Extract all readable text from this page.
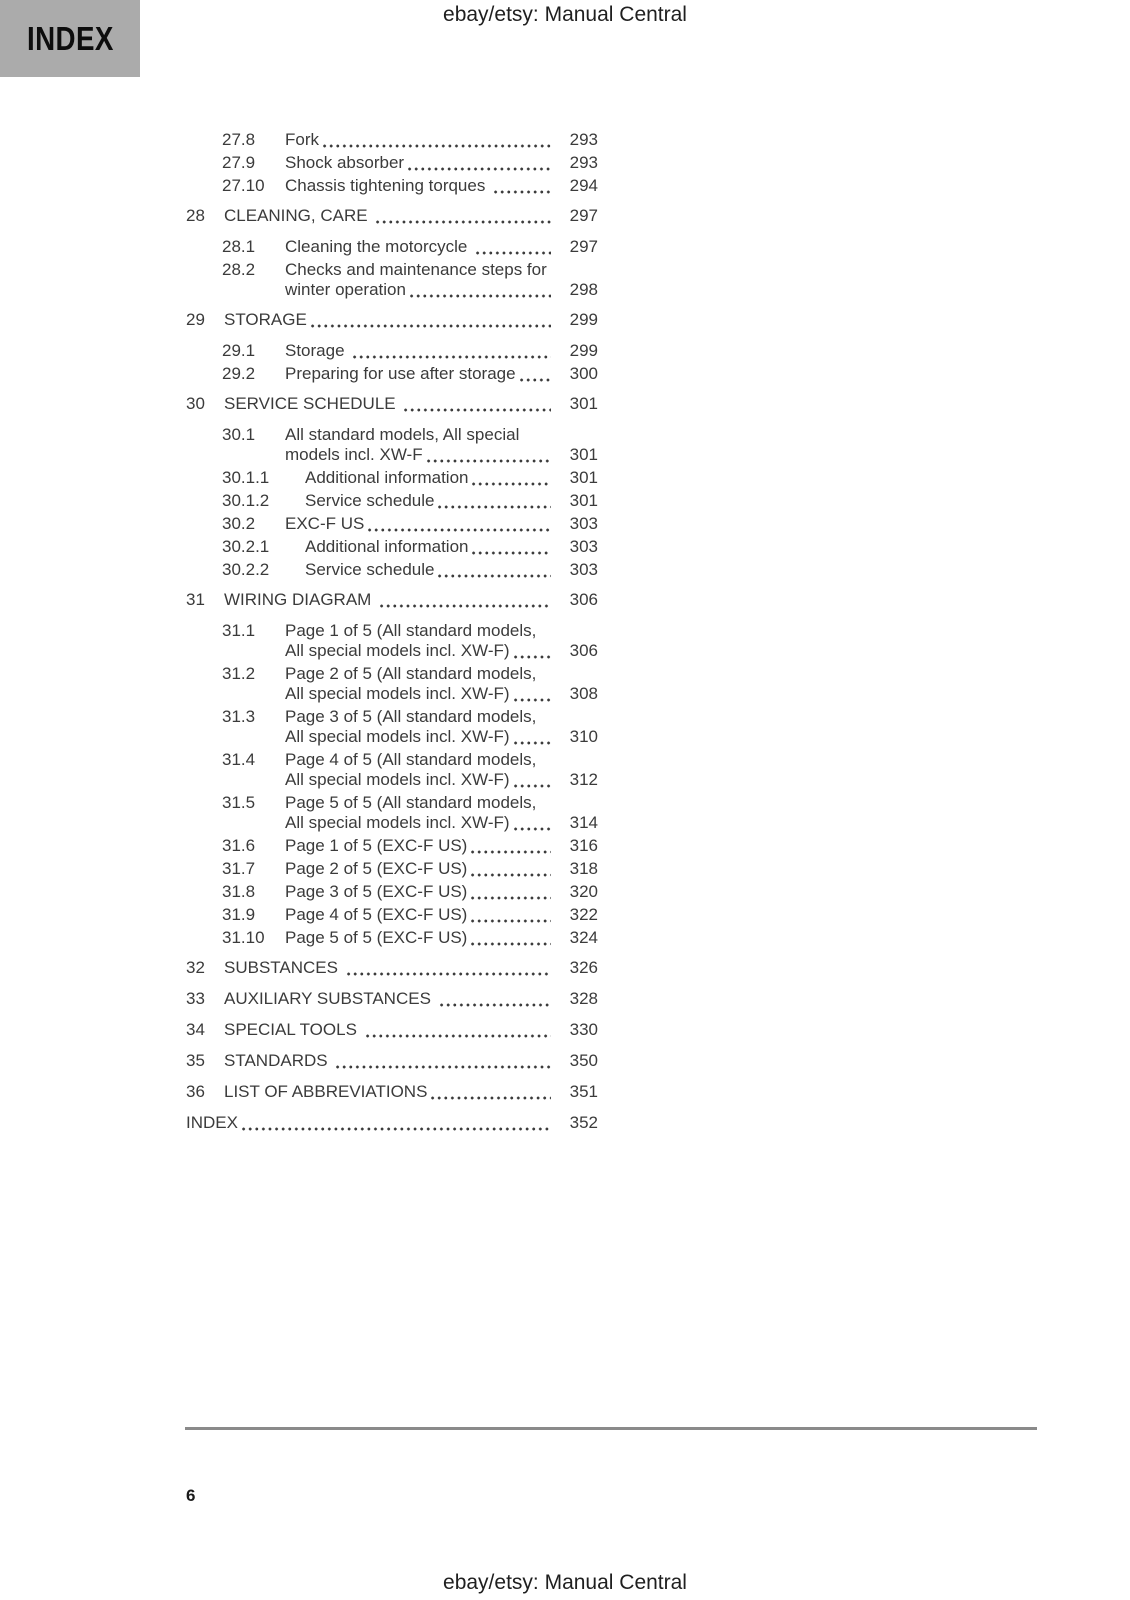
ebay/etsy: Manual Central
INDEX
27.8	Fork	293
27.9	Shock absorber	293
27.10	Chassis tightening torques	294
28	CLEANING, CARE	297
28.1	Cleaning the motorcycle	297
28.2	Checks and maintenance steps for
winter operation	298
29	STORAGE	299
29.1	Storage	299
29.2	Preparing for use after storage	300
30	SERVICE SCHEDULE	301
30.1	All standard models, All special
models incl. XW-F	301
30.1.1	Additional information	301
30.1.2	Service schedule	301
30.2	EXC-F US	303
30.2.1	Additional information	303
30.2.2	Service schedule	303
31	WIRING DIAGRAM	306
31.1	Page 1 of 5 (All standard models,
All special models incl. XW-F)	306
31.2	Page 2 of 5 (All standard models,
All special models incl. XW-F)	308
31.3	Page 3 of 5 (All standard models,
All special models incl. XW-F)	310
31.4	Page 4 of 5 (All standard models,
All special models incl. XW-F)	312
31.5	Page 5 of 5 (All standard models,
All special models incl. XW-F)	314
31.6	Page 1 of 5 (EXC-F US)	316
31.7	Page 2 of 5 (EXC-F US)	318
31.8	Page 3 of 5 (EXC-F US)	320
31.9	Page 4 of 5 (EXC-F US)	322
31.10	Page 5 of 5 (EXC-F US)	324
32	SUBSTANCES	326
33	AUXILIARY SUBSTANCES	328
34	SPECIAL TOOLS	330
35	STANDARDS	350
36	LIST OF ABBREVIATIONS	351
INDEX	352
6
ebay/etsy: Manual Central
